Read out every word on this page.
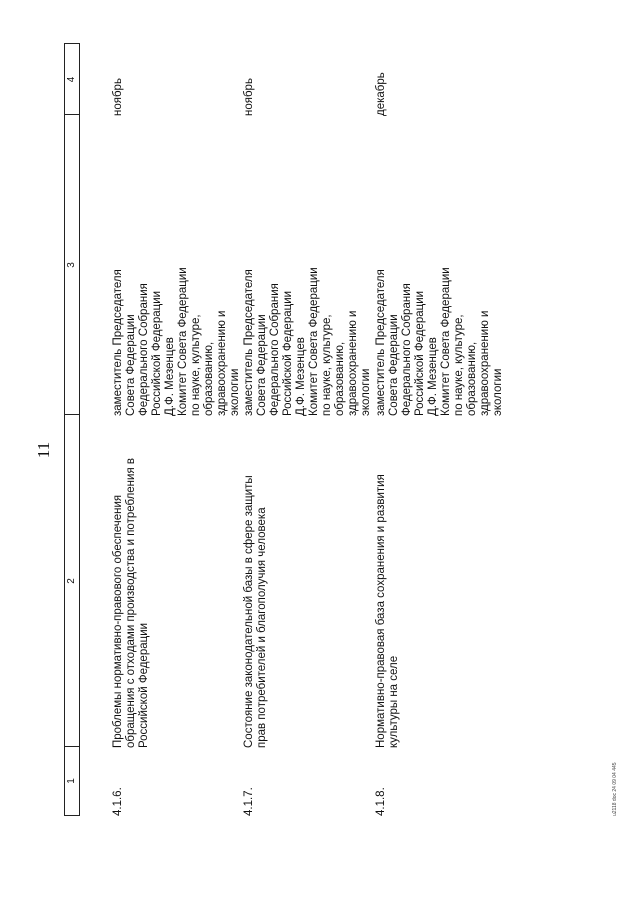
11
1
2
3
4
4.1.6.
Проблемы нормативно-правового обеспечения обращения с отходами производства и потребления в Российской Федерации
заместитель Председателя
Совета Федерации
Федерального Собрания
Российской Федерации
Д.Ф. Мезенцев
Комитет Совета Федерации по науке, культуре, образованию, здравоохранению и экологии
ноябрь
4.1.7.
Состояние законодательной базы в сфере защиты прав потребителей и благополучия человека
заместитель Председателя
Совета Федерации
Федерального Собрания
Российской Федерации
Д.Ф. Мезенцев
Комитет Совета Федерации по науке, культуре, образованию, здравоохранению и экологии
ноябрь
4.1.8.
Нормативно-правовая база сохранения и развития культуры на селе
заместитель Председателя
Совета Федерации
Федерального Собрания
Российской Федерации
Д.Ф. Мезенцев
Комитет Совета Федерации по науке, культуре, образованию, здравоохранению и экологии
декабрь
u2118 doc 24 09 04 445
